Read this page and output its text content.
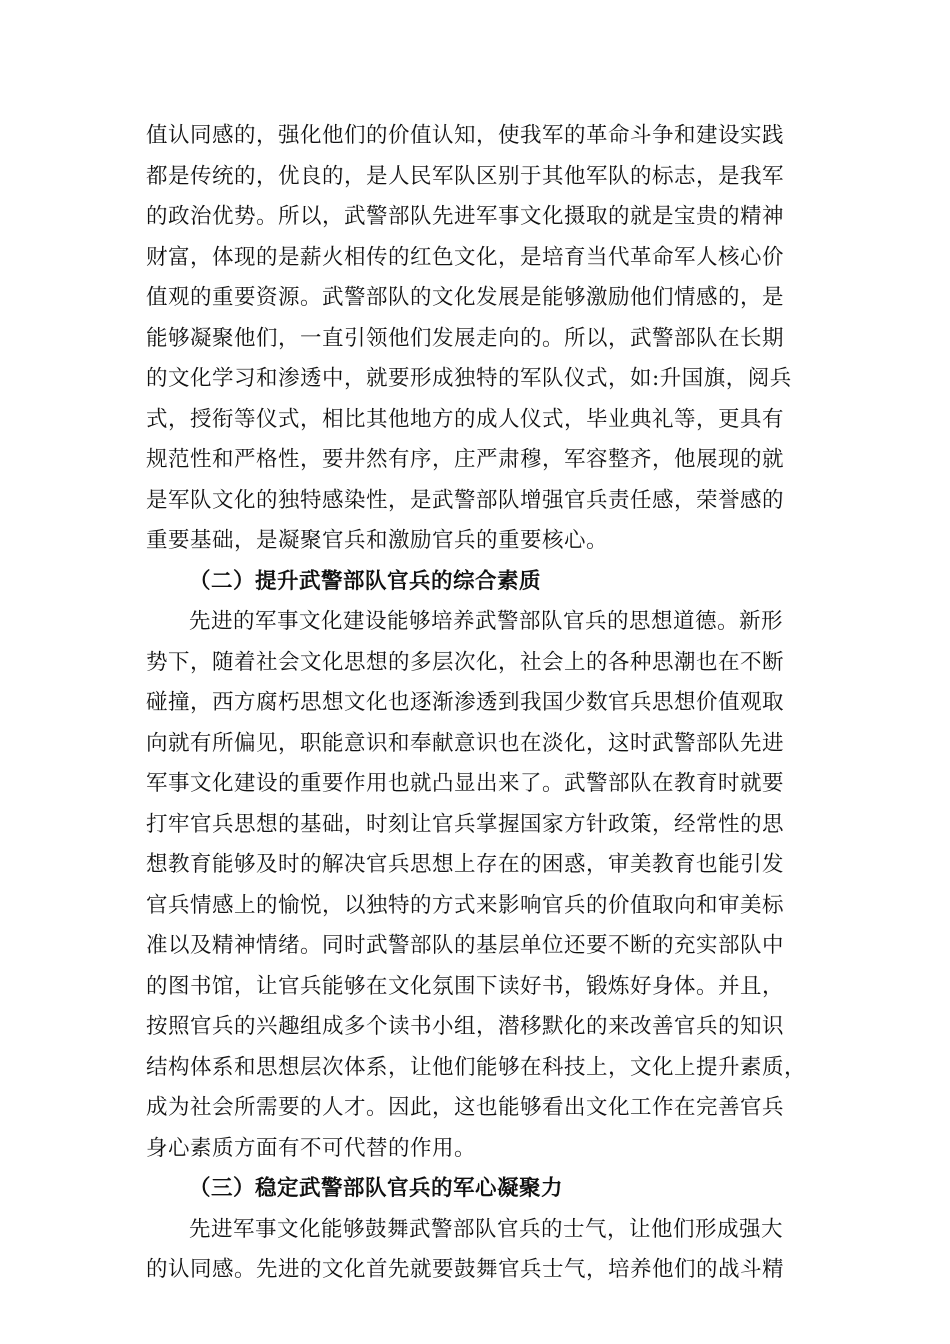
值认同感的，强化他们的价值认知，使我军的革命斗争和建设实践
都是传统的，优良的，是人民军队区别于其他军队的标志，是我军
的政治优势。所以，武警部队先进军事文化摄取的就是宝贵的精神
财富，体现的是薪火相传的红色文化，是培育当代革命军人核心价
值观的重要资源。武警部队的文化发展是能够激励他们情感的，是
能够凝聚他们，一直引领他们发展走向的。所以，武警部队在长期
的文化学习和渗透中，就要形成独特的军队仪式，如:升国旗，阅兵
式，授衔等仪式，相比其他地方的成人仪式，毕业典礼等，更具有
规范性和严格性，要井然有序，庄严肃穆，军容整齐，他展现的就
是军队文化的独特感染性，是武警部队增强官兵责任感，荣誉感的
重要基础，是凝聚官兵和激励官兵的重要核心。
（二）提升武警部队官兵的综合素质
先进的军事文化建设能够培养武警部队官兵的思想道德。新形
势下，随着社会文化思想的多层次化，社会上的各种思潮也在不断
碰撞，西方腐朽思想文化也逐渐渗透到我国少数官兵思想价值观取
向就有所偏见，职能意识和奉献意识也在淡化，这时武警部队先进
军事文化建设的重要作用也就凸显出来了。武警部队在教育时就要
打牢官兵思想的基础，时刻让官兵掌握国家方针政策，经常性的思
想教育能够及时的解决官兵思想上存在的困惑，审美教育也能引发
官兵情感上的愉悦，以独特的方式来影响官兵的价值取向和审美标
准以及精神情绪。同时武警部队的基层单位还要不断的充实部队中
的图书馆，让官兵能够在文化氛围下读好书，锻炼好身体。并且，
按照官兵的兴趣组成多个读书小组，潜移默化的来改善官兵的知识
结构体系和思想层次体系，让他们能够在科技上，文化上提升素质，
成为社会所需要的人才。因此，这也能够看出文化工作在完善官兵
身心素质方面有不可代替的作用。
（三）稳定武警部队官兵的军心凝聚力
先进军事文化能够鼓舞武警部队官兵的士气，让他们形成强大
的认同感。先进的文化首先就要鼓舞官兵士气，培养他们的战斗精
